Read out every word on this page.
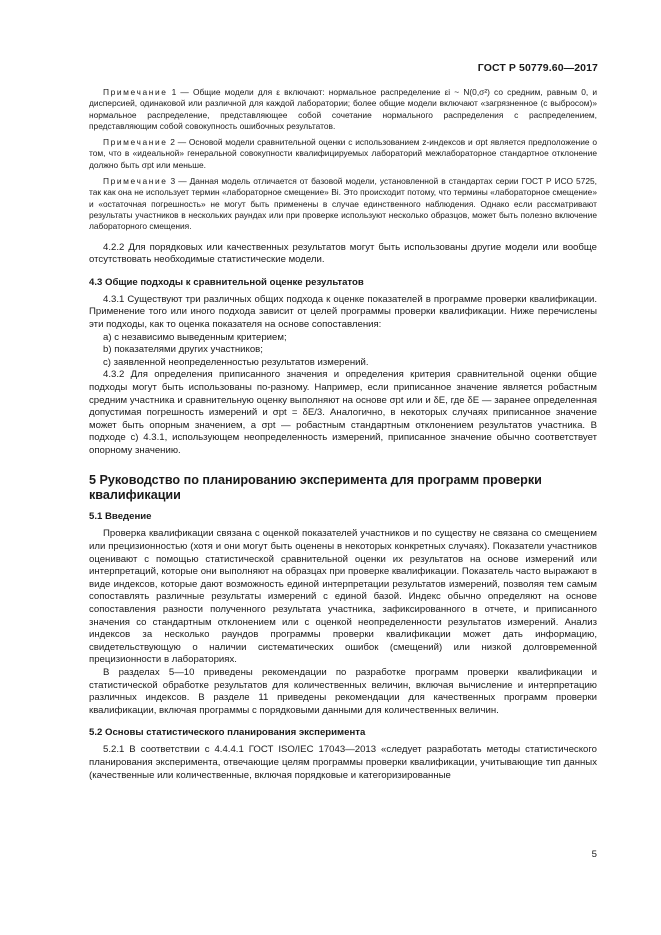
ГОСТ Р 50779.60—2017

Примечание 1 — Общие модели для ε включают: нормальное распределение εi ~ N(0,σ²) со средним, равным 0, и дисперсией, одинаковой или различной для каждой лаборатории; более общие модели включают «загрязненное (с выбросом)» нормальное распределение, представляющее собой сочетание нормального распределения с распределением, представляющим собой совокупность ошибочных результатов.

Примечание 2 — Основой модели сравнительной оценки с использованием z-индексов и σpt является предположение о том, что в «идеальной» генеральной совокупности квалифицируемых лабораторий межлабораторное стандартное отклонение должно быть σpt или меньше.

Примечание 3 — Данная модель отличается от базовой модели, установленной в стандартах серии ГОСТ Р ИСО 5725, так как она не использует термин «лабораторное смещение» Bi. Это происходит потому, что термины «лабораторное смещение» и «остаточная погрешность» не могут быть применены в случае единственного наблюдения. Однако если рассматривают результаты участников в нескольких раундах или при проверке используют несколько образцов, может быть полезно включение лабораторного смещения.

4.2.2 Для порядковых или качественных результатов могут быть использованы другие модели или вообще отсутствовать необходимые статистические модели.

4.3 Общие подходы к сравнительной оценке результатов

4.3.1 Существуют три различных общих подхода к оценке показателей в программе проверки квалификации. Применение того или иного подхода зависит от целей программы проверки квалификации. Ниже перечислены эти подходы, как то оценка показателя на основе сопоставления:

а) с независимо выведенным критерием;

b) показателями других участников;

с) заявленной неопределенностью результатов измерений.

4.3.2 Для определения приписанного значения и определения критерия сравнительной оценки общие подходы могут быть использованы по-разному. Например, если приписанное значение является робастным средним участника и сравнительную оценку выполняют на основе σpt или и δE, где δE — заранее определенная допустимая погрешность измерений и σpt = δE/3. Аналогично, в некоторых случаях приписанное значение может быть опорным значением, а σpt — робастным стандартным отклонением результатов участника. В подходе с) 4.3.1, использующем неопределенность измерений, приписанное значение обычно соответствует опорному значению.

5 Руководство по планированию эксперимента для программ проверки квалификации
5.1 Введение

Проверка квалификации связана с оценкой показателей участников и по существу не связана со смещением или прецизионностью (хотя и они могут быть оценены в некоторых конкретных случаях). Показатели участников оценивают с помощью статистической сравнительной оценки их результатов на основе измерений или интерпретаций, которые они выполняют на образцах при проверке квалификации. Показатель часто выражают в виде индексов, которые дают возможность единой интерпретации результатов измерений, позволяя тем самым сопоставлять различные результаты измерений с единой базой. Индекс обычно определяют на основе сопоставления разности полученного результата участника, зафиксированного в отчете, и приписанного значения со стандартным отклонением или с оценкой неопределенности результатов измерений. Анализ индексов за несколько раундов программы проверки квалификации может дать информацию, свидетельствующую о наличии систематических ошибок (смещений) или низкой долговременной прецизионности в лабораториях.

В разделах 5—10 приведены рекомендации по разработке программ проверки квалификации и статистической обработке результатов для количественных величин, включая вычисление и интерпретацию различных индексов. В разделе 11 приведены рекомендации для качественных программ проверки квалификации, включая программы с порядковыми данными для количественных величин.

5.2 Основы статистического планирования эксперимента

5.2.1 В соответствии с 4.4.4.1 ГОСТ ISO/IEC 17043—2013 «следует разработать методы статистического планирования эксперимента, отвечающие целям программы проверки квалификации, учитывающие тип данных (качественные или количественные, включая порядковые и категоризированные

5
